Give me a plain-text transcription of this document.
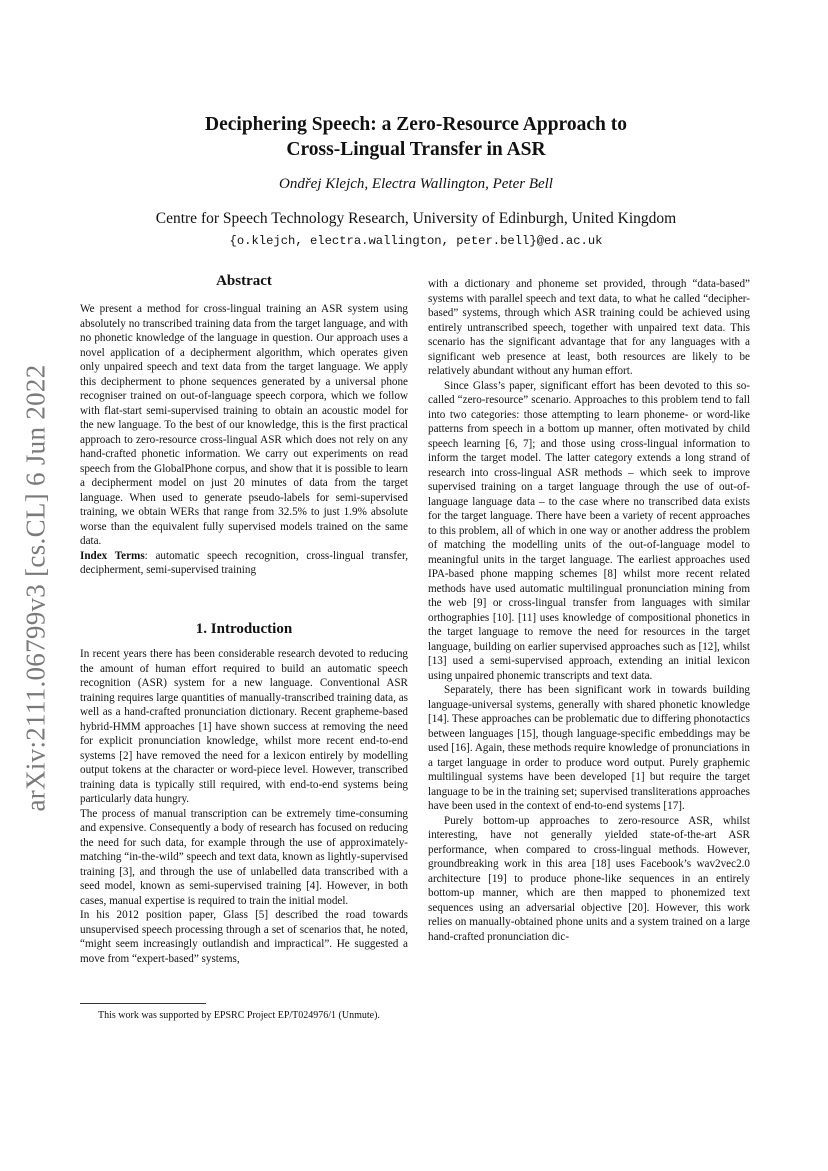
arXiv:2111.06799v3 [cs.CL] 6 Jun 2022
Deciphering Speech: a Zero-Resource Approach to
Cross-Lingual Transfer in ASR
Ondřej Klejch, Electra Wallington, Peter Bell
Centre for Speech Technology Research, University of Edinburgh, United Kingdom
{o.klejch, electra.wallington, peter.bell}@ed.ac.uk
Abstract

We present a method for cross-lingual training an ASR system using absolutely no transcribed training data from the target language, and with no phonetic knowledge of the language in question. Our approach uses a novel application of a decipherment algorithm, which operates given only unpaired speech and text data from the target language. We apply this decipherment to phone sequences generated by a universal phone recogniser trained on out-of-language speech corpora, which we follow with flat-start semi-supervised training to obtain an acoustic model for the new language. To the best of our knowledge, this is the first practical approach to zero-resource cross-lingual ASR which does not rely on any hand-crafted phonetic information. We carry out experiments on read speech from the GlobalPhone corpus, and show that it is possible to learn a decipherment model on just 20 minutes of data from the target language. When used to generate pseudo-labels for semi-supervised training, we obtain WERs that range from 32.5% to just 1.9% absolute worse than the equivalent fully supervised models trained on the same data.

Index Terms: automatic speech recognition, cross-lingual transfer, decipherment, semi-supervised training

1. Introduction

In recent years there has been considerable research devoted to reducing the amount of human effort required to build an automatic speech recognition (ASR) system for a new language. Conventional ASR training requires large quantities of manually-transcribed training data, as well as a hand-crafted pronunciation dictionary. Recent grapheme-based hybrid-HMM approaches [1] have shown success at removing the need for explicit pronunciation knowledge, whilst more recent end-to-end systems [2] have removed the need for a lexicon entirely by modelling output tokens at the character or word-piece level. However, transcribed training data is typically still required, with end-to-end systems being particularly data hungry.

The process of manual transcription can be extremely time-consuming and expensive. Consequently a body of research has focused on reducing the need for such data, for example through the use of approximately-matching “in-the-wild” speech and text data, known as lightly-supervised training [3], and through the use of unlabelled data transcribed with a seed model, known as semi-supervised training [4]. However, in both cases, manual expertise is required to train the initial model.

In his 2012 position paper, Glass [5] described the road towards unsupervised speech processing through a set of scenarios that, he noted, “might seem increasingly outlandish and impractical”. He suggested a move from “expert-based” systems,

This work was supported by EPSRC Project EP/T024976/1 (Unmute).

with a dictionary and phoneme set provided, through “data-based” systems with parallel speech and text data, to what he called “decipher-based” systems, through which ASR training could be achieved using entirely untranscribed speech, together with unpaired text data. This scenario has the significant advantage that for any languages with a significant web presence at least, both resources are likely to be relatively abundant without any human effort.

Since Glass’s paper, significant effort has been devoted to this so-called “zero-resource” scenario. Approaches to this problem tend to fall into two categories: those attempting to learn phoneme- or word-like patterns from speech in a bottom up manner, often motivated by child speech learning [6, 7]; and those using cross-lingual information to inform the target model. The latter category extends a long strand of research into cross-lingual ASR methods – which seek to improve supervised training on a target language through the use of out-of-language language data – to the case where no transcribed data exists for the target language. There have been a variety of recent approaches to this problem, all of which in one way or another address the problem of matching the modelling units of the out-of-language model to meaningful units in the target language. The earliest approaches used IPA-based phone mapping schemes [8] whilst more recent related methods have used automatic multilingual pronunciation mining from the web [9] or cross-lingual transfer from languages with similar orthographies [10]. [11] uses knowledge of compositional phonetics in the target language to remove the need for resources in the target language, building on earlier supervised approaches such as [12], whilst [13] used a semi-supervised approach, extending an initial lexicon using unpaired phonemic transcripts and text data.

Separately, there has been significant work in towards building language-universal systems, generally with shared phonetic knowledge [14]. These approaches can be problematic due to differing phonotactics between languages [15], though language-specific embeddings may be used [16]. Again, these methods require knowledge of pronunciations in a target language in order to produce word output. Purely graphemic multilingual systems have been developed [1] but require the target language to be in the training set; supervised transliterations approaches have been used in the context of end-to-end systems [17].

Purely bottom-up approaches to zero-resource ASR, whilst interesting, have not generally yielded state-of-the-art ASR performance, when compared to cross-lingual methods. However, groundbreaking work in this area [18] uses Facebook’s wav2vec2.0 architecture [19] to produce phone-like sequences in an entirely bottom-up manner, which are then mapped to phonemized text sequences using an adversarial objective [20]. However, this work relies on manually-obtained phone units and a system trained on a large hand-crafted pronunciation dic-
